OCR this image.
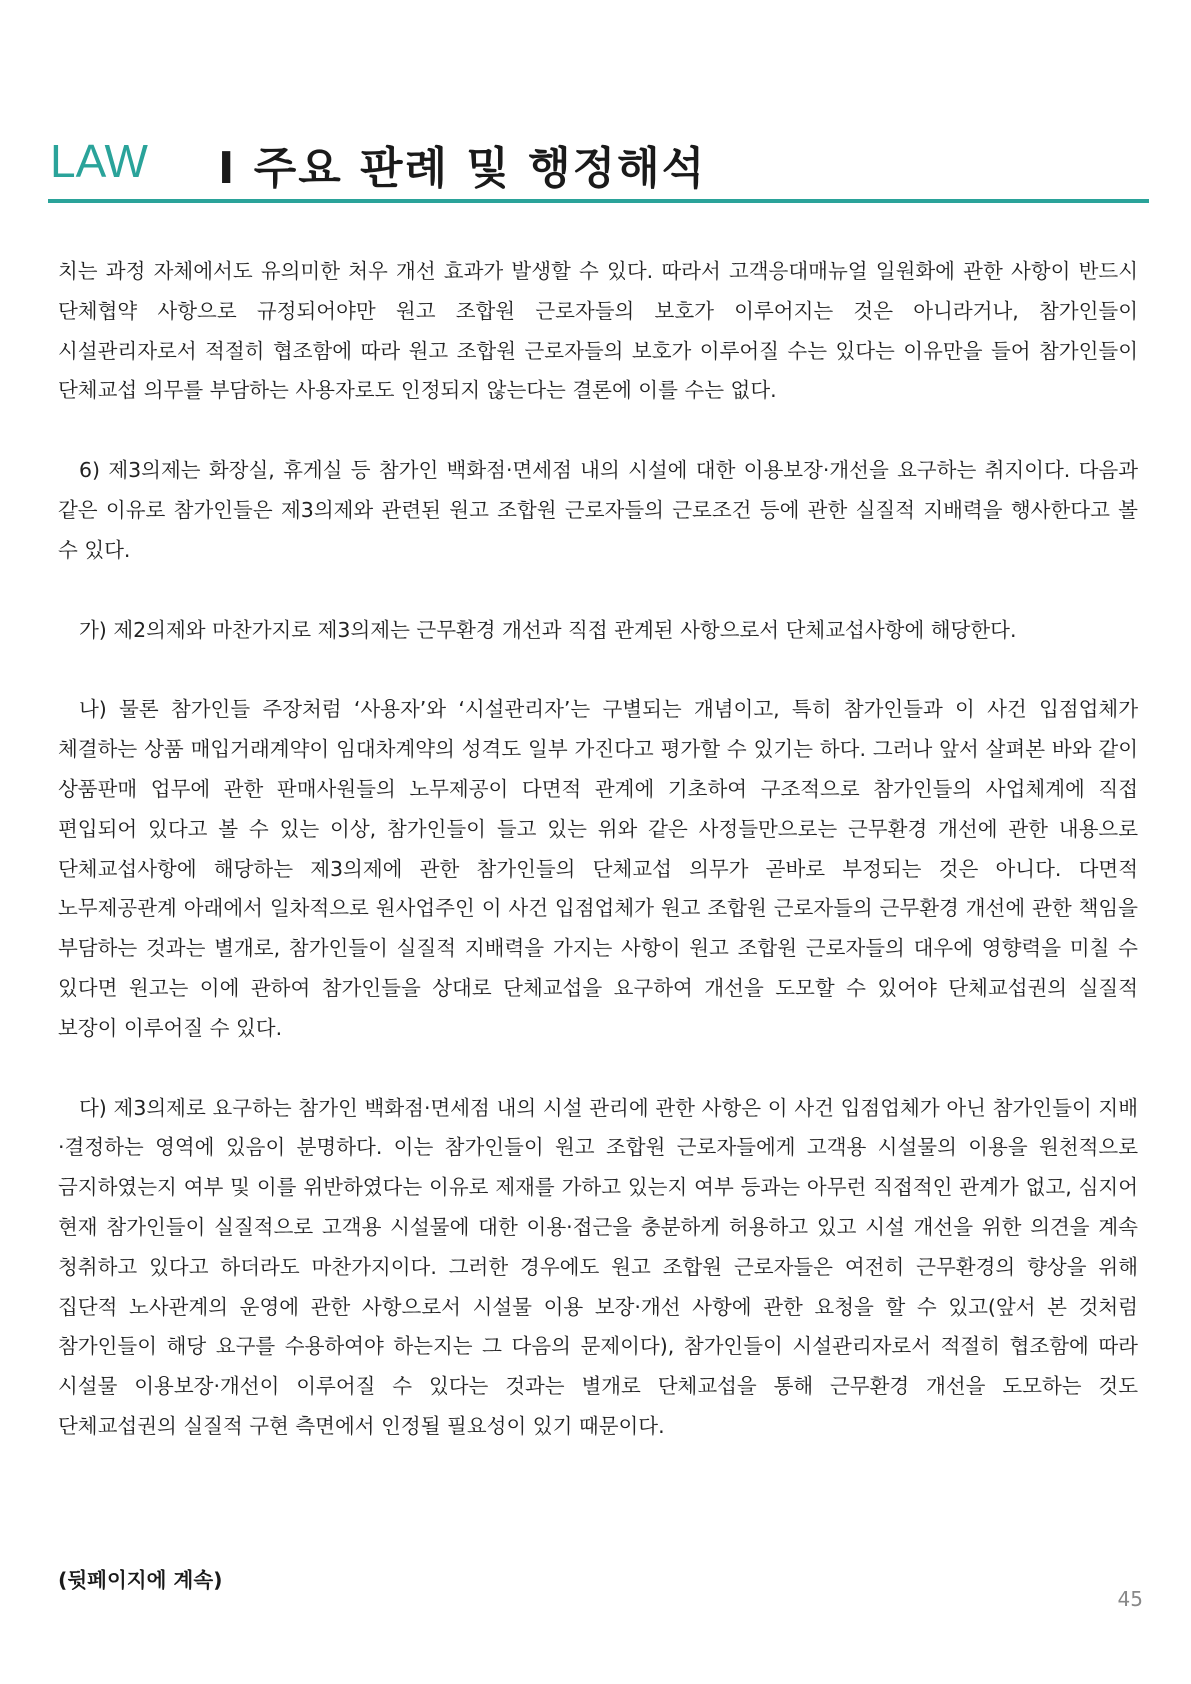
LAW I 주요 판례 및 행정해석

치는 과정 자체에서도 유의미한 처우 개선 효과가 발생할 수 있다. 따라서 고객응대매뉴얼 일원화에 관한 사항이 반드시 단체협약 사항으로 규정되어야만 원고 조합원 근로자들의 보호가 이루어지는 것은 아니라거나, 참가인들이 시설관리자로서 적절히 협조함에 따라 원고 조합원 근로자들의 보호가 이루어질 수는 있다는 이유만을 들어 참가인들이 단체교섭 의무를 부담하는 사용자로도 인정되지 않는다는 결론에 이를 수는 없다.

6) 제3의제는 화장실, 휴게실 등 참가인 백화점·면세점 내의 시설에 대한 이용보장·개선을 요구하는 취지이다. 다음과 같은 이유로 참가인들은 제3의제와 관련된 원고 조합원 근로자들의 근로조건 등에 관한 실질적 지배력을 행사한다고 볼 수 있다.

가) 제2의제와 마찬가지로 제3의제는 근무환경 개선과 직접 관계된 사항으로서 단체교섭사항에 해당한다.

나) 물론 참가인들 주장처럼 ‘사용자’와 ‘시설관리자’는 구별되는 개념이고, 특히 참가인들과 이 사건 입점업체가 체결하는 상품 매입거래계약이 임대차계약의 성격도 일부 가진다고 평가할 수 있기는 하다. 그러나 앞서 살펴본 바와 같이 상품판매 업무에 관한 판매사원들의 노무제공이 다면적 관계에 기초하여 구조적으로 참가인들의 사업체계에 직접 편입되어 있다고 볼 수 있는 이상, 참가인들이 들고 있는 위와 같은 사정들만으로는 근무환경 개선에 관한 내용으로 단체교섭사항에 해당하는 제3의제에 관한 참가인들의 단체교섭 의무가 곧바로 부정되는 것은 아니다. 다면적 노무제공관계 아래에서 일차적으로 원사업주인 이 사건 입점업체가 원고 조합원 근로자들의 근무환경 개선에 관한 책임을 부담하는 것과는 별개로, 참가인들이 실질적 지배력을 가지는 사항이 원고 조합원 근로자들의 대우에 영향력을 미칠 수 있다면 원고는 이에 관하여 참가인들을 상대로 단체교섭을 요구하여 개선을 도모할 수 있어야 단체교섭권의 실질적 보장이 이루어질 수 있다.

다) 제3의제로 요구하는 참가인 백화점·면세점 내의 시설 관리에 관한 사항은 이 사건 입점업체가 아닌 참가인들이 지배·결정하는 영역에 있음이 분명하다. 이는 참가인들이 원고 조합원 근로자들에게 고객용 시설물의 이용을 원천적으로 금지하였는지 여부 및 이를 위반하였다는 이유로 제재를 가하고 있는지 여부 등과는 아무런 직접적인 관계가 없고, 심지어 현재 참가인들이 실질적으로 고객용 시설물에 대한 이용·접근을 충분하게 허용하고 있고 시설 개선을 위한 의견을 계속 청취하고 있다고 하더라도 마찬가지이다. 그러한 경우에도 원고 조합원 근로자들은 여전히 근무환경의 향상을 위해 집단적 노사관계의 운영에 관한 사항으로서 시설물 이용 보장·개선 사항에 관한 요청을 할 수 있고(앞서 본 것처럼 참가인들이 해당 요구를 수용하여야 하는지는 그 다음의 문제이다), 참가인들이 시설관리자로서 적절히 협조함에 따라 시설물 이용보장·개선이 이루어질 수 있다는 것과는 별개로 단체교섭을 통해 근무환경 개선을 도모하는 것도 단체교섭권의 실질적 구현 측면에서 인정될 필요성이 있기 때문이다.

(뒷페이지에 계속)
45
